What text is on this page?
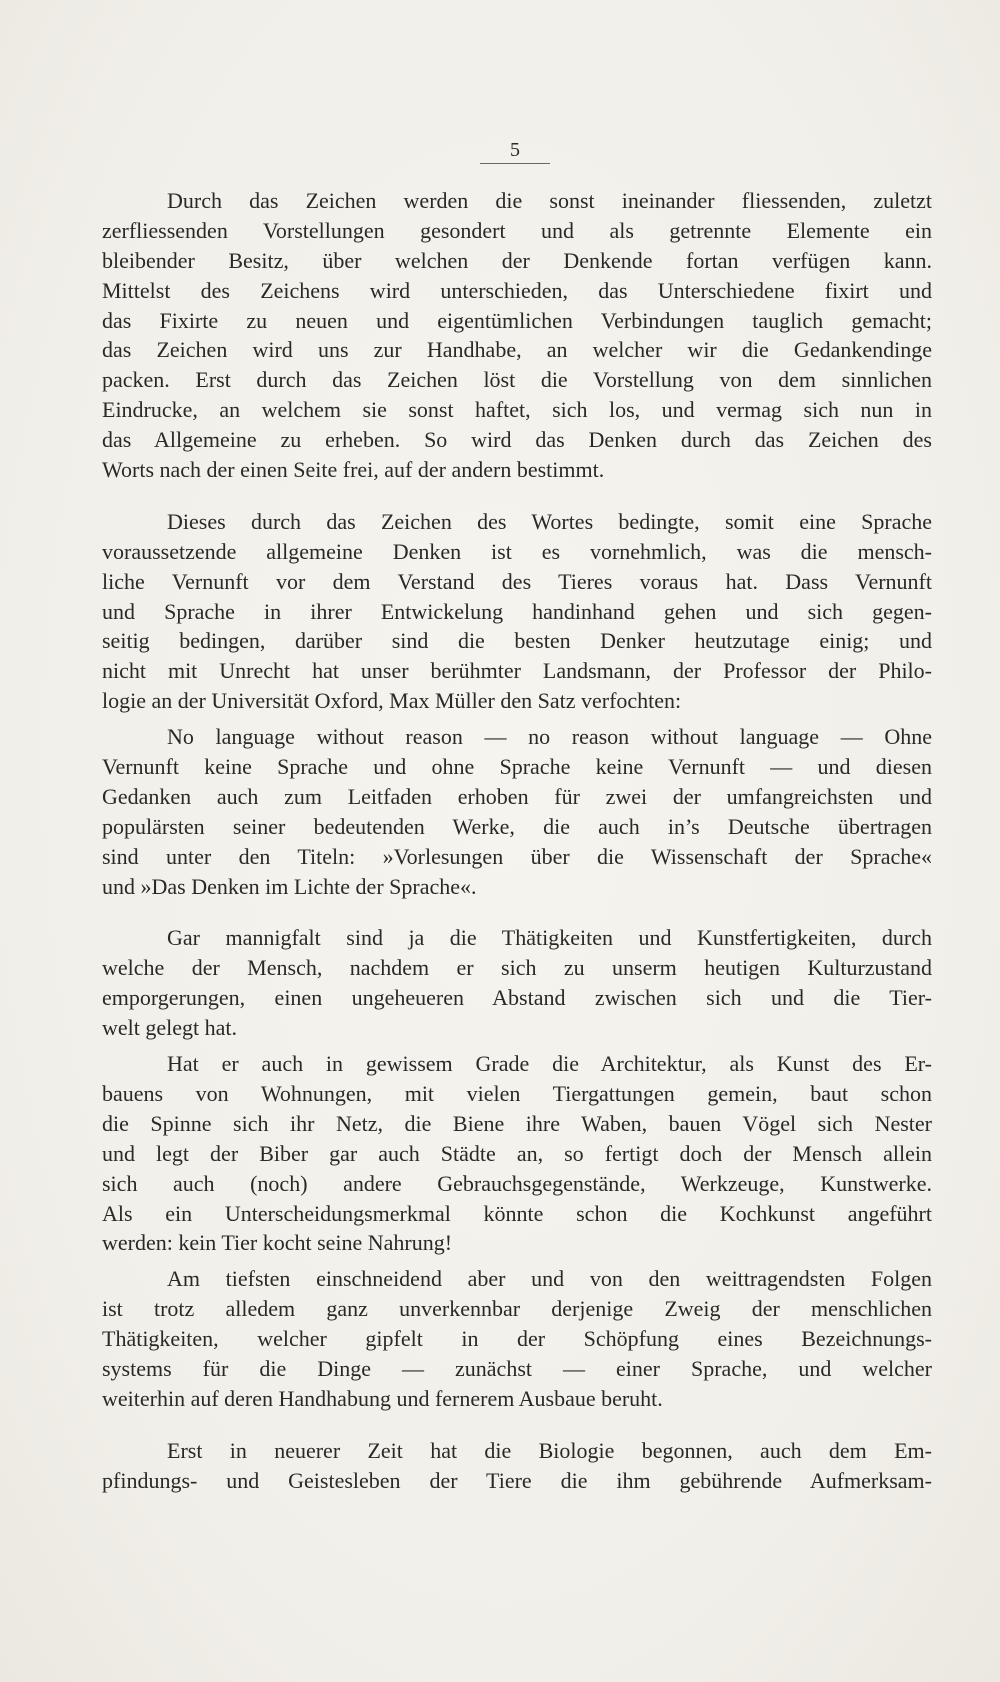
5
Durch das Zeichen werden die sonst ineinander fliessenden, zuletzt
zerfliessenden Vorstellungen gesondert und als getrennte Elemente ein
bleibender Besitz, über welchen der Denkende fortan verfügen kann.
Mittelst des Zeichens wird unterschieden, das Unterschiedene fixirt und
das Fixirte zu neuen und eigentümlichen Verbindungen tauglich gemacht;
das Zeichen wird uns zur Handhabe, an welcher wir die Gedankendinge
packen. Erst durch das Zeichen löst die Vorstellung von dem sinnlichen
Eindrucke, an welchem sie sonst haftet, sich los, und vermag sich nun in
das Allgemeine zu erheben. So wird das Denken durch das Zeichen des
Worts nach der einen Seite frei, auf der andern bestimmt.
Dieses durch das Zeichen des Wortes bedingte, somit eine Sprache
voraussetzende allgemeine Denken ist es vornehmlich, was die mensch-
liche Vernunft vor dem Verstand des Tieres voraus hat. Dass Vernunft
und Sprache in ihrer Entwickelung handinhand gehen und sich gegen-
seitig bedingen, darüber sind die besten Denker heutzutage einig; und
nicht mit Unrecht hat unser berühmter Landsmann, der Professor der Philo-
logie an der Universität Oxford, Max Müller den Satz verfochten:
No language without reason — no reason without language — Ohne
Vernunft keine Sprache und ohne Sprache keine Vernunft — und diesen
Gedanken auch zum Leitfaden erhoben für zwei der umfangreichsten und
populärsten seiner bedeutenden Werke, die auch in’s Deutsche übertragen
sind unter den Titeln: »Vorlesungen über die Wissenschaft der Sprache«
und »Das Denken im Lichte der Sprache«.
Gar mannigfalt sind ja die Thätigkeiten und Kunstfertigkeiten, durch
welche der Mensch, nachdem er sich zu unserm heutigen Kulturzustand
emporgerungen, einen ungeheueren Abstand zwischen sich und die Tier-
welt gelegt hat.
Hat er auch in gewissem Grade die Architektur, als Kunst des Er-
bauens von Wohnungen, mit vielen Tiergattungen gemein, baut schon
die Spinne sich ihr Netz, die Biene ihre Waben, bauen Vögel sich Nester
und legt der Biber gar auch Städte an, so fertigt doch der Mensch allein
sich auch (noch) andere Gebrauchsgegenstände, Werkzeuge, Kunstwerke.
Als ein Unterscheidungsmerkmal könnte schon die Kochkunst angeführt
werden: kein Tier kocht seine Nahrung!
Am tiefsten einschneidend aber und von den weittragendsten Folgen
ist trotz alledem ganz unverkennbar derjenige Zweig der menschlichen
Thätigkeiten, welcher gipfelt in der Schöpfung eines Bezeichnungs-
systems für die Dinge — zunächst — einer Sprache, und welcher
weiterhin auf deren Handhabung und fernerem Ausbaue beruht.
Erst in neuerer Zeit hat die Biologie begonnen, auch dem Em-
pfindungs- und Geistesleben der Tiere die ihm gebührende Aufmerksam-
